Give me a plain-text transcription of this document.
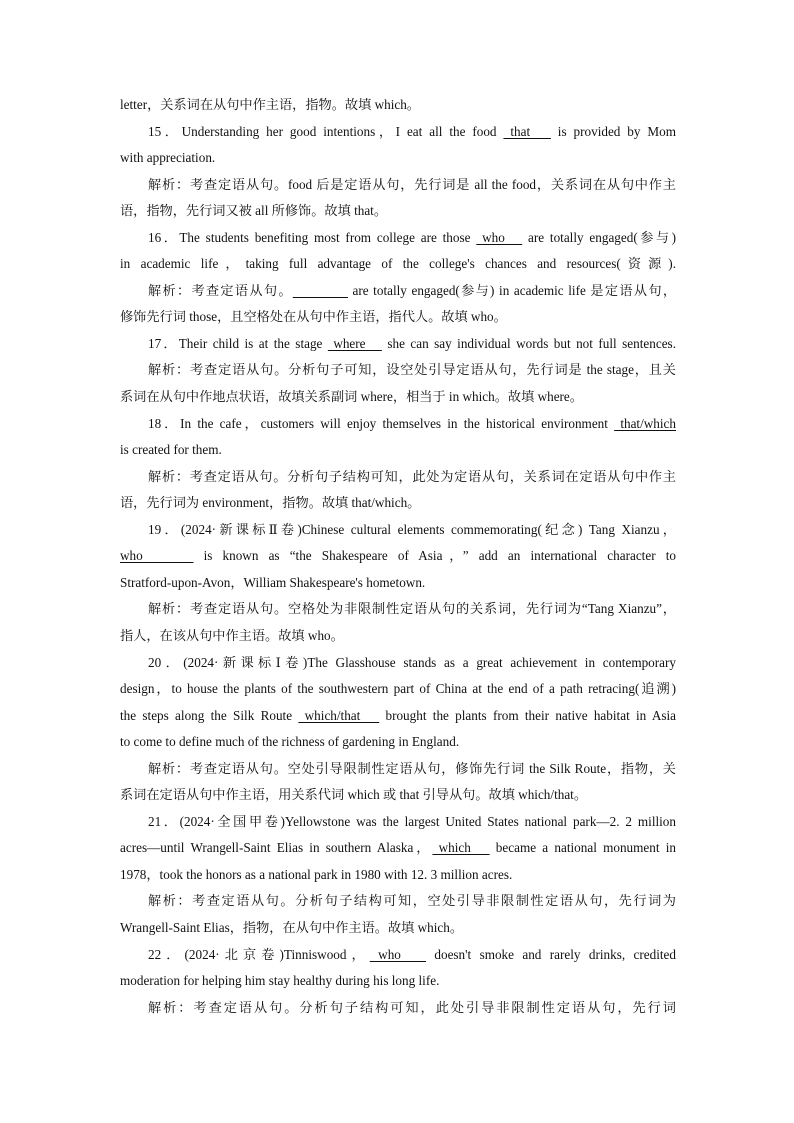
letter，关系词在从句中作主语，指物。故填 which。
15．Understanding her good intentions，I eat all the food  that    is provided by Mom
with appreciation.
解析：考查定语从句。food 后是定语从句，先行词是 all the food，关系词在从句中作主
语，指物，先行词又被 all 所修饰。故填 that。
16．The students benefiting most from college are those  who    are totally engaged(参与)
in academic life，taking full advantage of the college's chances and resources(资源).
解析：考查定语从句。	are totally engaged(参与) in academic life 是定语从句，
修饰先行词 those，且空格处在从句中作主语，指代人。故填 who。
17．Their child is at the stage  where    she can say individual words but not full sentences.
解析：考查定语从句。分析句子可知，设空处引导定语从句，先行词是 the stage，且关
系词在从句中作地点状语，故填关系副词 where，相当于 in which。故填 where。
18．In the cafe，customers will enjoy themselves in the historical environment  that/which
is created for them.
解析：考查定语从句。分析句子结构可知，此处为定语从句，关系词在定语从句中作主
语，先行词为 environment，指物。故填 that/which。
19．(2024·新课标Ⅱ卷)Chinese cultural elements commemorating(纪念) Tang Xianzu，
who      is known as “the Shakespeare of Asia，” add an international character to
Stratford-upon-Avon，William Shakespeare's hometown.
解析：考查定语从句。空格处为非限制性定语从句的关系词，先行词为“Tang Xianzu”，
指人，在该从句中作主语。故填 who。
20．(2024·新课标Ⅰ卷)The Glasshouse stands as a great achievement in contemporary
design，to house the plants of the southwestern part of China at the end of a path retracing(追溯)
the steps along the Silk Route  which/that    brought the plants from their native habitat in Asia
to come to define much of the richness of gardening in England.
解析：考查定语从句。空处引导限制性定语从句，修饰先行词 the Silk Route，指物，关
系词在定语从句中作主语，用关系代词 which 或 that 引导从句。故填 which/that。
21．(2024·全国甲卷)Yellowstone was the largest United States national park—2. 2 million
acres—until Wrangell-Saint Elias in southern Alaska， which    became a national monument in
1978，took the honors as a national park in 1980 with 12. 3 million acres.
解析：考查定语从句。分析句子结构可知，空处引导非限制性定语从句，先行词为
Wrangell-Saint Elias，指物，在从句中作主语。故填 which。
22．(2024·北京卷)Tinniswood， who    doesn't smoke and rarely drinks, credited
moderation for helping him stay healthy during his long life.
解析：考查定语从句。分析句子结构可知，此处引导非限制性定语从句，先行词
